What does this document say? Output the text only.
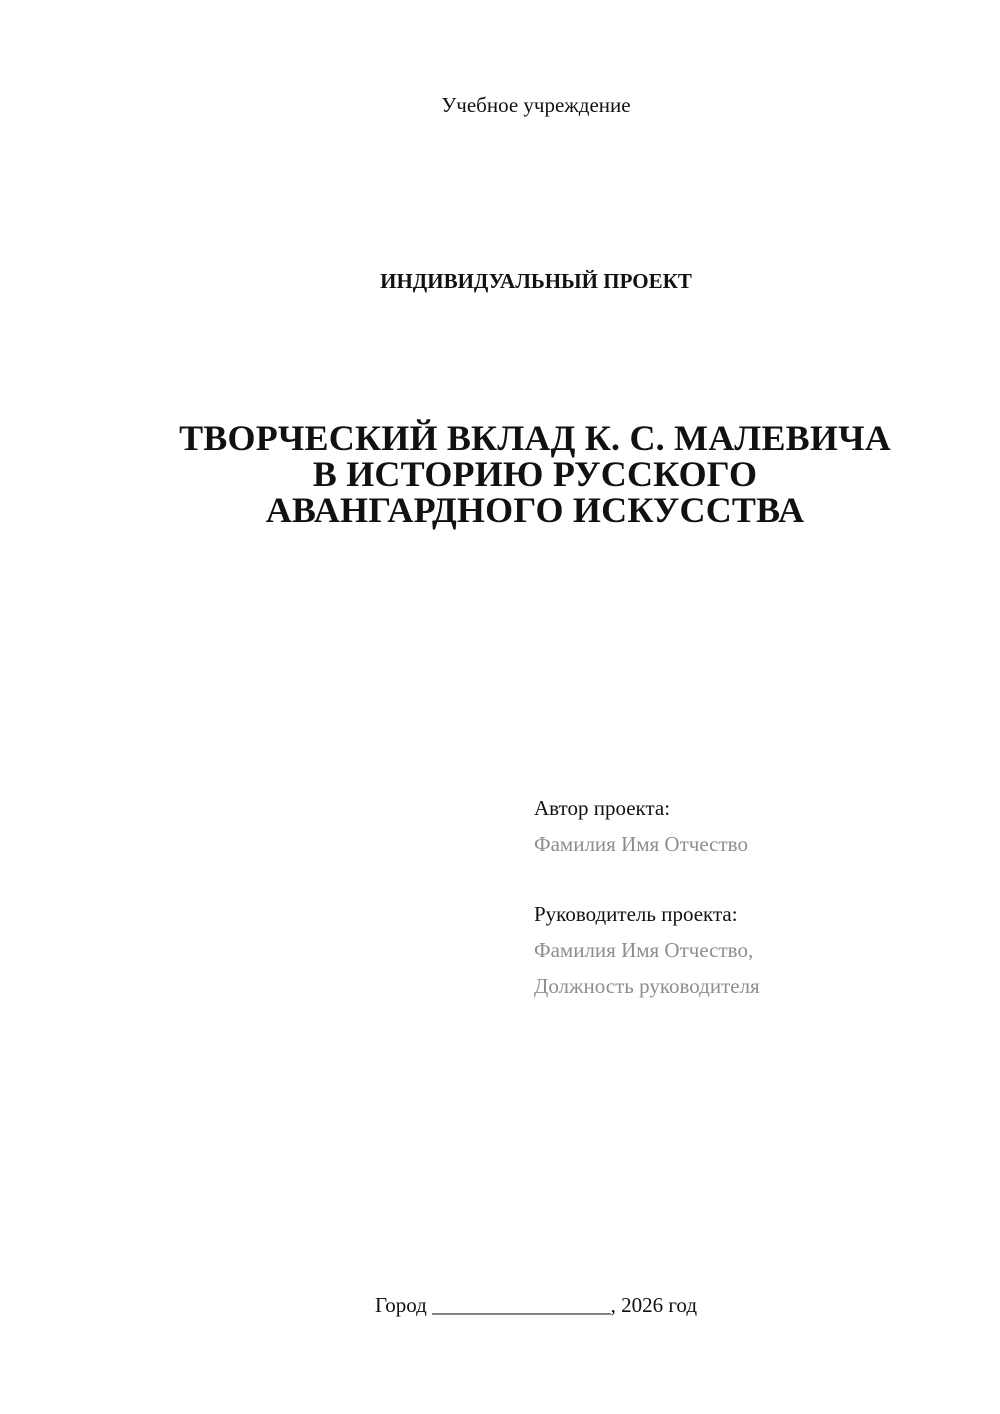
Учебное учреждение
ИНДИВИДУАЛЬНЫЙ ПРОЕКТ
ТВОРЧЕСКИЙ ВКЛАД К. С. МАЛЕВИЧА
В ИСТОРИЮ РУССКОГО
АВАНГАРДНОГО ИСКУССТВА
Автор проекта:
Фамилия Имя Отчество
Руководитель проекта:
Фамилия Имя Отчество,
Должность руководителя
Город _________________, 2026 год
